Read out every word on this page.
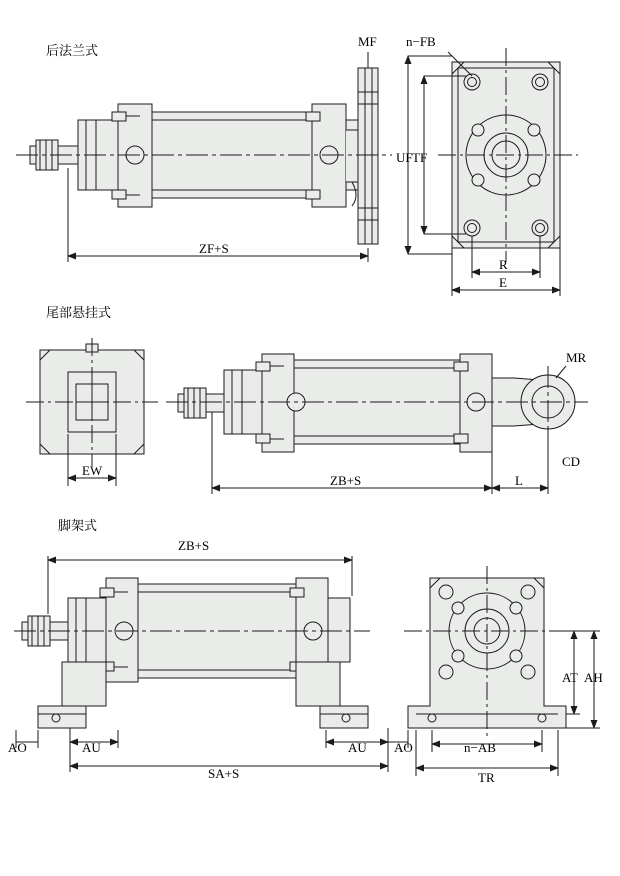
后法兰式
MF n−FB
UF TF
ZF+S
R
E
尾部悬挂式
EW
ZB+S
MR
CD
L
脚架式
ZB+S
AO	AU	AU AO
SA+S
n−AB
TR
AT AH
